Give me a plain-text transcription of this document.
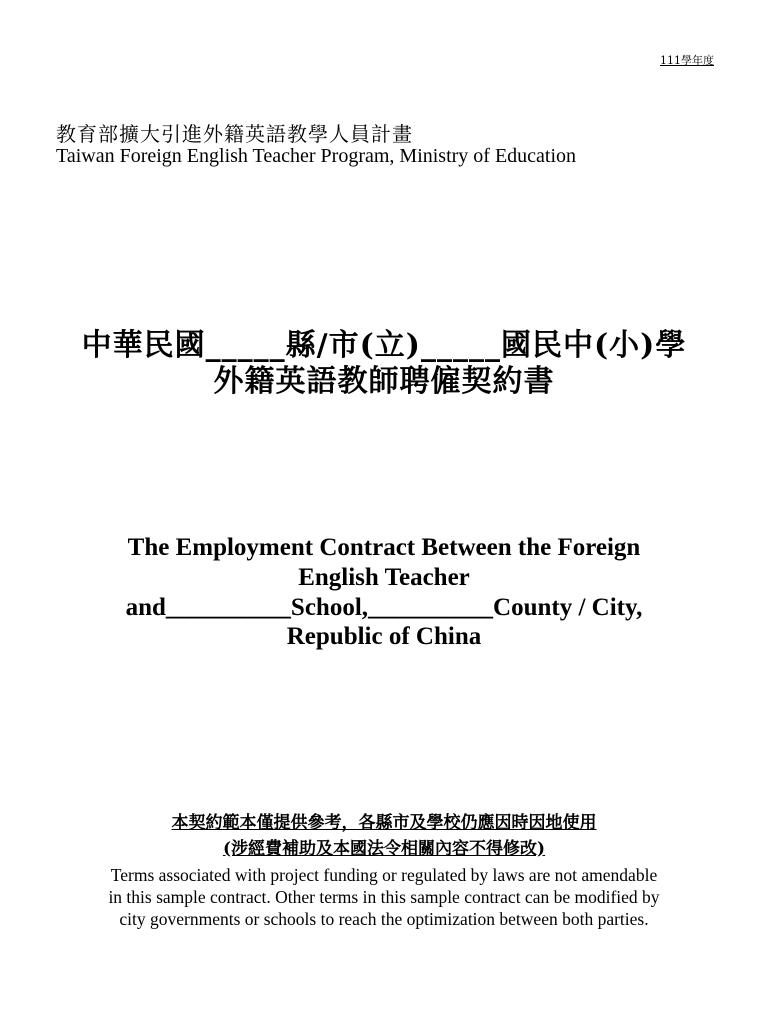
111學年度
教育部擴大引進外籍英語教學人員計畫
Taiwan Foreign English Teacher Program, Ministry of Education
中華民國_____縣/市(立)_____國民中(小)學
外籍英語教師聘僱契約書
The Employment Contract Between the Foreign
English Teacher
and__________School,__________County / City,
Republic of China
本契約範本僅提供參考，各縣市及學校仍應因時因地使用
(涉經費補助及本國法令相關內容不得修改)
Terms associated with project funding or regulated by laws are not amendable
in this sample contract. Other terms in this sample contract can be modified by
city governments or schools to reach the optimization between both parties.
